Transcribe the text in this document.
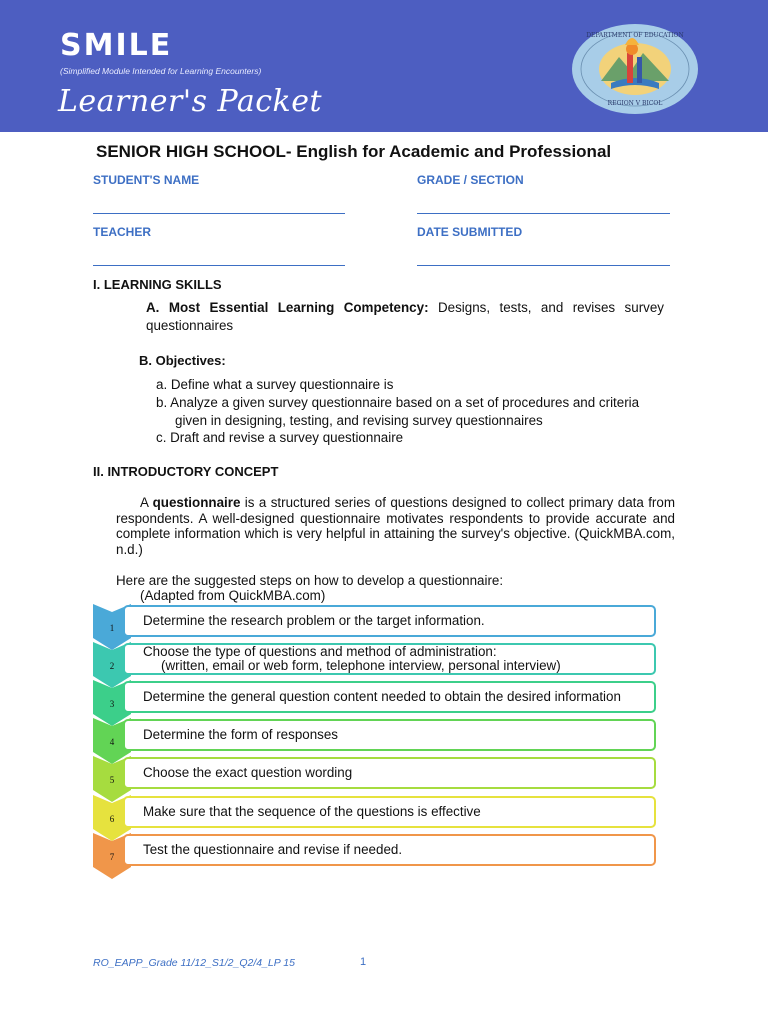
SMILE
(Simplified Module Intended for Learning Encounters)
Learner's Packet	REGION V BICOL
DEPARTMENT OF EDUCATION
SENIOR HIGH SCHOOL- English for Academic and Professional
STUDENT'S NAME	GRADE / SECTION
TEACHER	DATE SUBMITTED
I. LEARNING SKILLS
A. Most Essential Learning Competency: Designs, tests, and revises survey questionnaires
B. Objectives:
a. Define what a survey questionnaire is
b. Analyze a given survey questionnaire based on a set of procedures and criteria
given in designing, testing, and revising survey questionnaires
c. Draft and revise a survey questionnaire
II. INTRODUCTORY CONCEPT
A questionnaire is a structured series of questions designed to collect primary data from respondents. A well-designed questionnaire motivates respondents to provide accurate and complete information which is very helpful in attaining the survey's objective. (QuickMBA.com, n.d.)
Here are the suggested steps on how to develop a questionnaire:
(Adapted from QuickMBA.com)
1 Determine the research problem or the target information.
2
Choose the type of questions and method of administration:
(written, email or web form, telephone interview, personal interview)
3 Determine the general question content needed to obtain the desired information
4 Determine the form of responses
5 Choose the exact question wording
6 Make sure that the sequence of the questions is effective
7 Test the questionnaire and revise if needed.
RO_EAPP_Grade 11/12_S1/2_Q2/4_LP 15	1
